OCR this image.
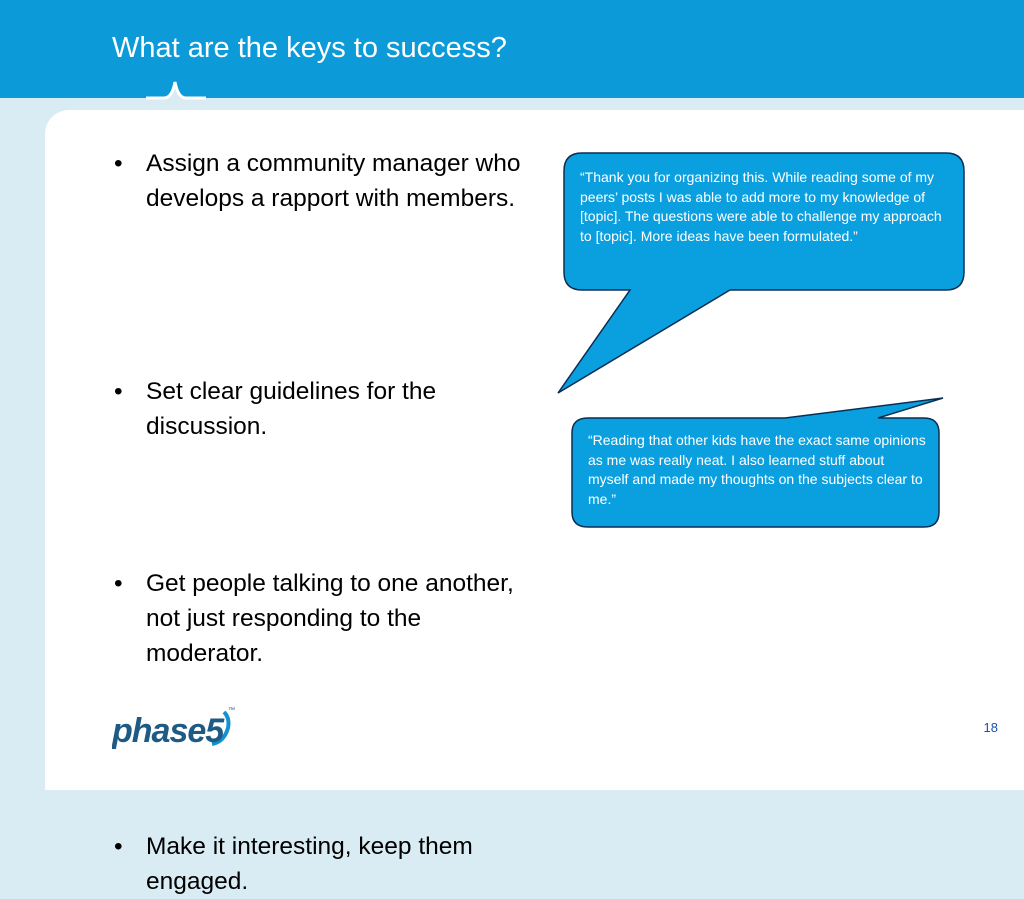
What are the keys to success?
• Assign a community manager who develops a rapport with members.
• Set clear guidelines for the discussion.
• Get people talking to one another, not just responding to the moderator.
• Make it interesting, keep them engaged.

“Thank you for organizing this. While reading some of my peers’ posts I was able to add more to my knowledge of [topic]. The questions were able to challenge my approach to [topic]. More ideas have been formulated.”

“Reading that other kids have the exact same opinions as me was really neat. I also learned stuff about myself and made my thoughts on the subjects clear to me.”

phase5
™
18
